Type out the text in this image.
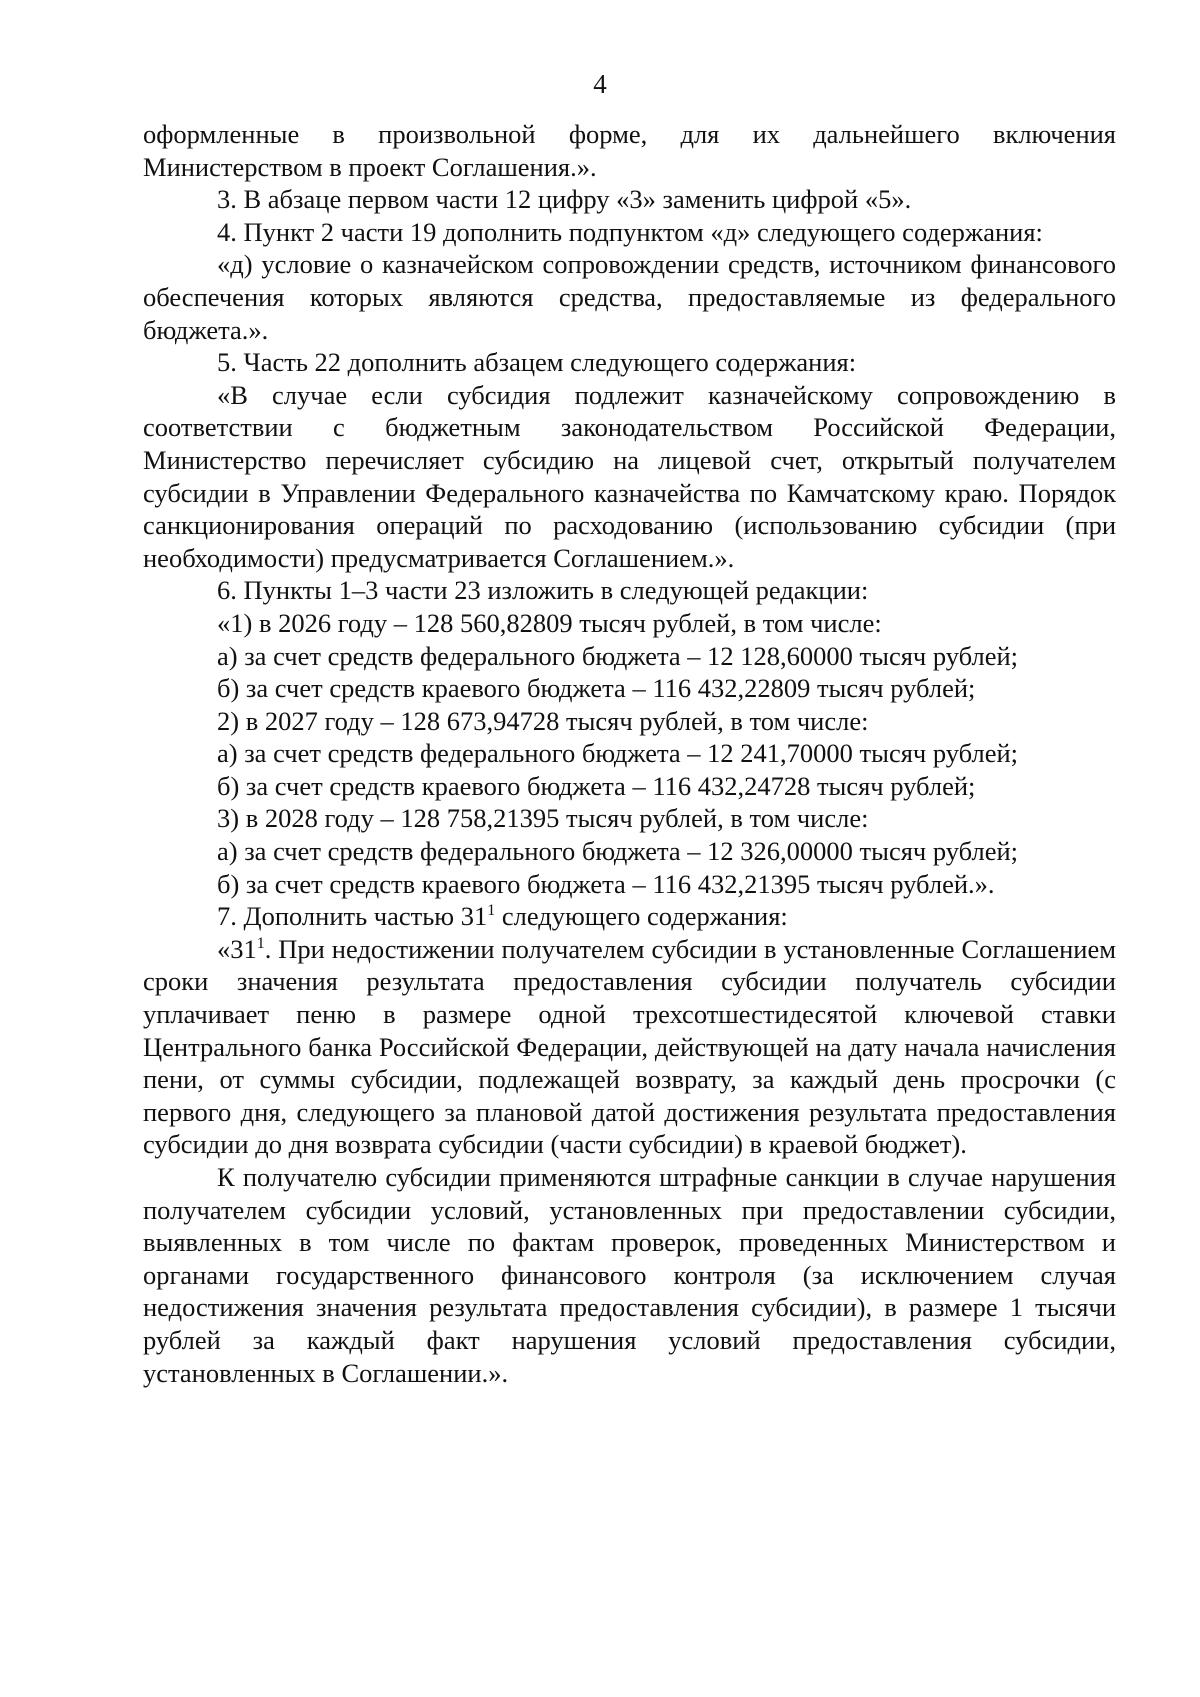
4

оформленные в произвольной форме, для их дальнейшего включения Министерством в проект Соглашения.».

3. В абзаце первом части 12 цифру «3» заменить цифрой «5».

4. Пункт 2 части 19 дополнить подпунктом «д» следующего содержания:

«д) условие о казначейском сопровождении средств, источником финансового обеспечения которых являются средства, предоставляемые из федерального бюджета.».

5. Часть 22 дополнить абзацем следующего содержания:

«В случае если субсидия подлежит казначейскому сопровождению в соответствии с бюджетным законодательством Российской Федерации, Министерство перечисляет субсидию на лицевой счет, открытый получателем субсидии в Управлении Федерального казначейства по Камчатскому краю. Порядок санкционирования операций по расходованию (использованию субсидии (при необходимости) предусматривается Соглашением.».

6. Пункты 1–3 части 23 изложить в следующей редакции:

«1) в 2026 году – 128 560,82809 тысяч рублей, в том числе:

а) за счет средств федерального бюджета – 12 128,60000 тысяч рублей;

б) за счет средств краевого бюджета – 116 432,22809 тысяч рублей;

2) в 2027 году – 128 673,94728 тысяч рублей, в том числе:

а) за счет средств федерального бюджета – 12 241,70000 тысяч рублей;

б) за счет средств краевого бюджета – 116 432,24728 тысяч рублей;

3) в 2028 году – 128 758,21395 тысяч рублей, в том числе:

а) за счет средств федерального бюджета – 12 326,00000 тысяч рублей;

б) за счет средств краевого бюджета – 116 432,21395 тысяч рублей.».

7. Дополнить частью $31^1$ следующего содержания:

«$31^1$. При недостижении получателем субсидии в установленные Соглашением сроки значения результата предоставления субсидии получатель субсидии уплачивает пеню в размере одной трехсотшестидесятой ключевой ставки Центрального банка Российской Федерации, действующей на дату начала начисления пени, от суммы субсидии, подлежащей возврату, за каждый день просрочки (с первого дня, следующего за плановой датой достижения результата предоставления субсидии до дня возврата субсидии (части субсидии) в краевой бюджет).

К получателю субсидии применяются штрафные санкции в случае нарушения получателем субсидии условий, установленных при предоставлении субсидии, выявленных в том числе по фактам проверок, проведенных Министерством и органами государственного финансового контроля (за исключением случая недостижения значения результата предоставления субсидии), в размере 1 тысячи рублей за каждый факт нарушения условий предоставления субсидии, установленных в Соглашении.».
